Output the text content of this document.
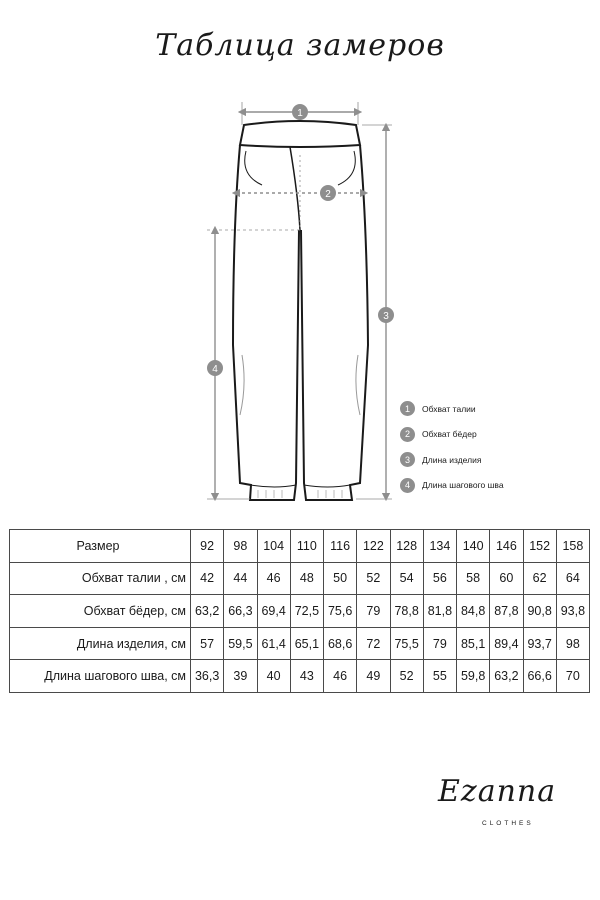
Таблица замеров
1
2
3
4
1	Обхват талии
2	Обхват бёдер
3	Длина изделия
4	Длина шагового шва
Размер	92	98	104	110	116	122	128	134	140	146	152	158
Обхват талии , см	42	44	46	48	50	52	54	56	58	60	62	64
Обхват бёдер, см	63,2	66,3	69,4	72,5	75,6	79	78,8	81,8	84,8	87,8	90,8	93,8
Длина изделия, см	57	59,5	61,4	65,1	68,6	72	75,5	79	85,1	89,4	93,7	98
Длина шагового шва, см	36,3	39	40	43	46	49	52	55	59,8	63,2	66,6	70
Ezanna
CLOTHES
